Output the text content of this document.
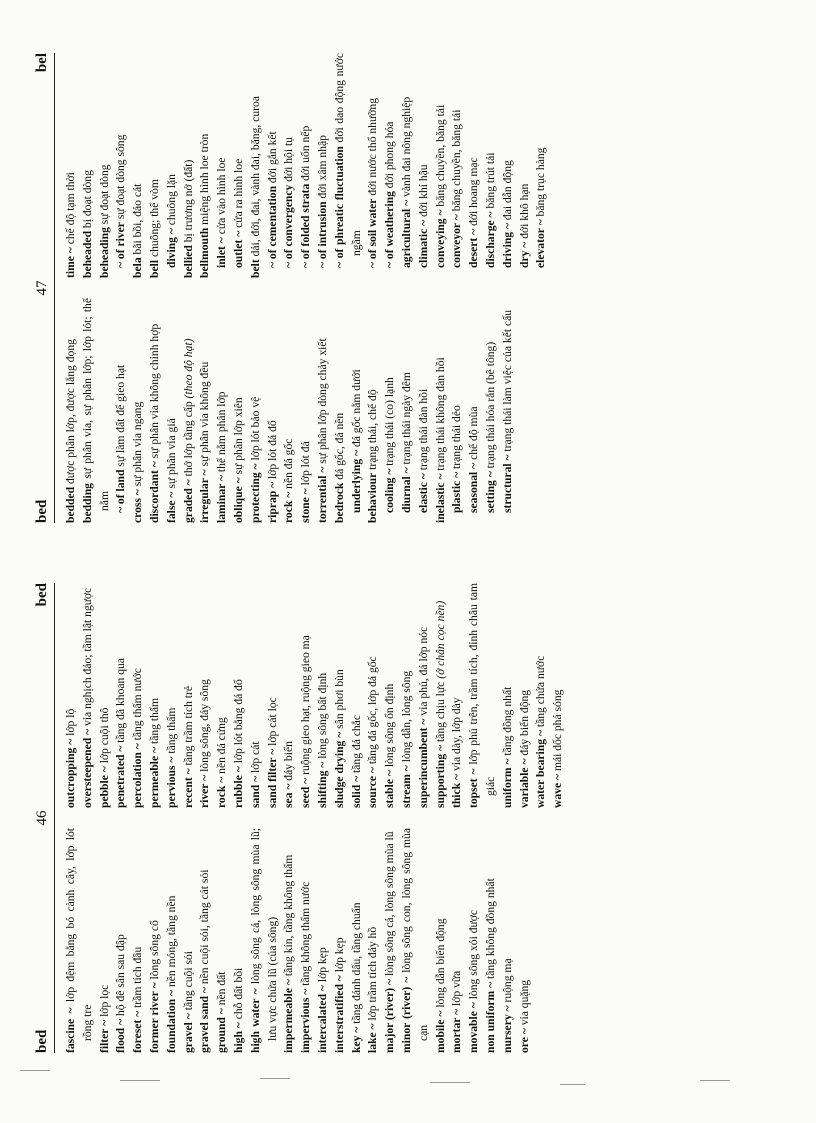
bed
46
bed
fascine ~ lớp đệm bằng bó cành cây, lớp lót rồng tre filter ~ lớp lọc
flood ~ hộ đê sân sau đập
foreset ~ trầm tích đầu
former river ~ lòng sông cổ
foundation ~ nền móng, tầng nền
gravel ~ tầng cuội sỏi
gravel sand ~ nền cuội sỏi, tầng cát sỏi
ground ~ nền đất
high ~ chỗ đất bồi high water ~ lòng sông cả, lòng sông mùa lũ; lưu vực chứa lũ (của sông) impermeable ~ tầng kín, tầng không thấm
impervious ~ tầng không thấm nước
intercalated ~ lớp kẹp
interstratified ~ lớp kẹp
key ~ tầng đánh dấu, tầng chuẩn
lake ~ lớp trầm tích đáy hồ major (river) ~ lòng sông cả, lòng sông mùa lũ
minor (river) ~ lòng sông con, lòng sông mùa cạn mobile ~ lòng dẫn biến động
mortar ~ lớp vữa
movable ~ lòng sông xói được
non uniform ~ tầng không đồng nhất
nursery ~ ruộng mạ
ore ~ vỉa quặng
outcropping ~ lớp lộ
oversteepened ~ vỉa nghịch đảo; tầm lật ngược
pebble ~ lớp cuội thô
penetrated ~ tầng đã khoan qua
percolation ~ tầng thấm nước
permeable ~ tầng thấm
pervious ~ tầng thấm
recent ~ tầng trầm tích trẻ
river ~ lòng sông, đáy sông
rock ~ nền đá cứng
rubble ~ lớp lót bằng đá đổ
sand ~ lớp cát sand filter ~ lớp cát lọc
sea ~ đáy biển
seed ~ ruộng gieo hạt, ruộng gieo mạ
shifting ~ lòng sông bất định
sludge drying ~ sân phơi bùn
solid ~ tầng đá chắc
source ~ tầng đá gốc, lớp đá gốc
stable ~ lòng sông ổn định
stream ~ lòng dẫn, lòng sông superincumbent ~ vỉa phủ, đá lớp nóc
supporting ~ tầng chịu lực (ở chân cọc nền)
thick ~ vỉa dày, lớp dày
topset ~ lớp phủ trên, trầm tích, đỉnh châu tam giác uniform ~ tầng đồng nhất
variable ~ đáy biến động
water bearing ~ tầng chứa nước
wave ~ mái dốc phá sóng
bed
47
bel
bedded được phân lớp, được lắng đọng
bedding sự phân vỉa, sự phân lớp; lớp lót; thế nằm ~ of land sự làm đất để gieo hạt
cross ~ sự phân vỉa ngang
discordant ~ sự phân vỉa không chỉnh hợp
false ~ sự phân vỉa giả
graded ~ thớ lớp tầng cấp (theo độ hạt)
irregular ~ sự phân vỉa không đều
laminar ~ thế nằm phân lớp
oblique ~ sự phân lớp xiên
protecting ~ lớp lót bảo vệ
riprap ~ lớp lót đá đổ
rock ~ nền đá gốc
stone ~ lớp lót đá
torrential ~ sự phân lớp dòng chảy xiết
bedrock đá gốc, đá nền underlying ~ đá gốc nằm dưới
behaviour trạng thái, chế độ
cooling ~ trạng thái (co) lạnh
diurnal ~ trạng thái ngày đêm
elastic ~ trạng thái đàn hồi
inelastic ~ trạng thái không đàn hồi
plastic ~ trạng thái dẻo
seasonal ~ chế độ mùa
setting ~ trạng thái hóa rắn (bê tông)
structural ~ trạng thái làm việc của kết cấu
time ~ chế độ tạm thời
beheaded bị đoạt dòng
beheading sự đoạt dòng
~ of river sự đoạt dòng sông
bela bãi bồi, đảo cát
bell chuông; thể vòm diving ~ chuông lặn
bellied bị trương nở (đất)
bellmouth miệng hình loe tròn
inlet ~ cửa vào hình loe
outlet ~ cửa ra hình loe
belt dải, đới, đai, vành đai, băng, curoa ~ of cementation đới gắn kết
~ of convergency đới hội tụ
~ of folded strata đới uốn nếp
~ of intrusion đới xâm nhập ~ of phreatic fluctuation đới dao động nước ngầm ~ of soil water đới nước thổ nhưỡng
~ of weathering đới phong hóa
agricultural ~ vành đai nông nghiệp
climatic ~ đới khí hậu
conveying ~ băng chuyền, băng tải
conveyor ~ băng chuyền, băng tải
desert ~ đới hoang mạc
discharge ~ băng trút tải
driving ~ đai dẫn động
dry ~ đới khô hạn
elevator ~ băng trục hàng
